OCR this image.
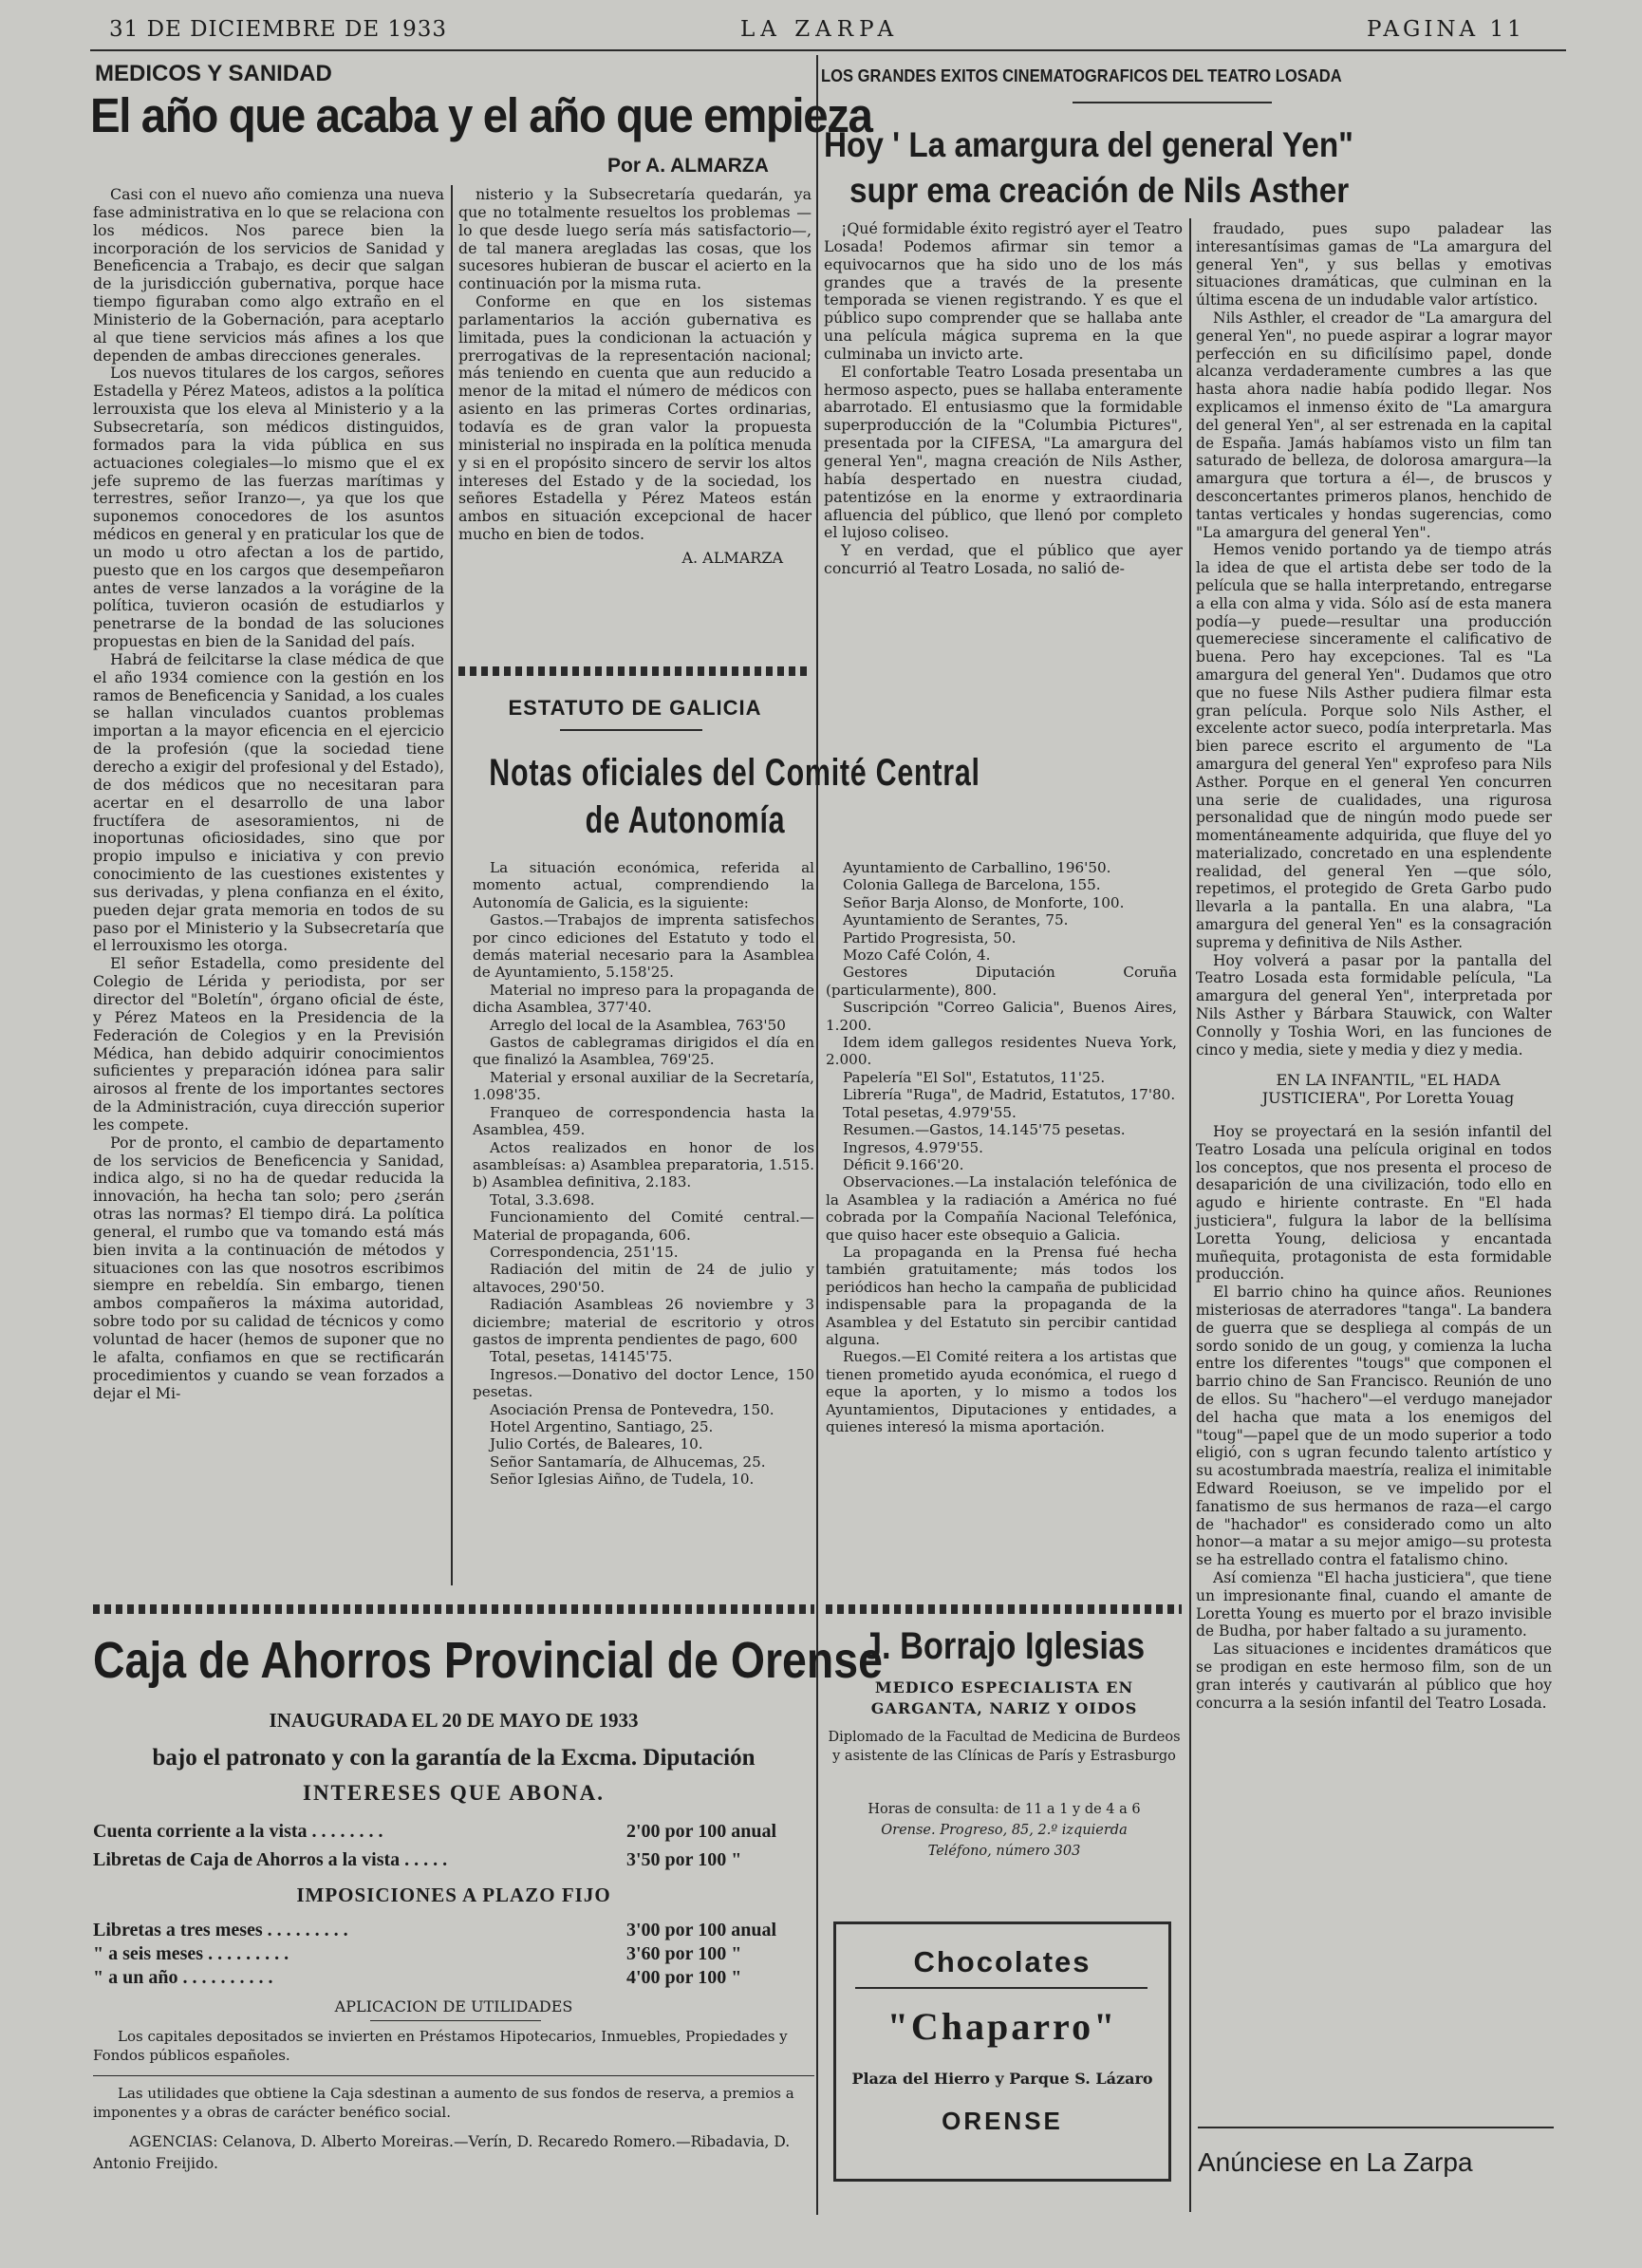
31 DE DICIEMBRE DE 1933	LA ZARPA	PAGINA 11
MEDICOS Y SANIDAD
El año que acaba y el año que empieza
Por A. ALMARZA

Casi con el nuevo año comienza una nueva fase administrativa en lo que se relaciona con los médicos. Nos parece bien la incorporación de los servicios de Sanidad y Beneficencia a Trabajo, es decir que salgan de la jurisdicción gubernativa, porque hace tiempo figuraban como algo extraño en el Ministerio de la Gobernación, para aceptarlo al que tiene servicios más afines a los que dependen de ambas direcciones generales.

Los nuevos titulares de los cargos, señores Estadella y Pérez Mateos, adistos a la política lerrouxista que los eleva al Ministerio y a la Subsecretaría, son médicos distinguidos, formados para la vida pública en sus actuaciones colegiales—lo mismo que el ex jefe supremo de las fuerzas marítimas y terrestres, señor Iranzo—, ya que los que suponemos conocedores de los asuntos médicos en general y en praticular los que de un modo u otro afectan a los de partido, puesto que en los cargos que desempeñaron antes de verse lanzados a la vorágine de la política, tuvieron ocasión de estudiarlos y penetrarse de la bondad de las soluciones propuestas en bien de la Sanidad del país.

Habrá de feilcitarse la clase médica de que el año 1934 comience con la gestión en los ramos de Beneficencia y Sanidad, a los cuales se hallan vinculados cuantos problemas importan a la mayor eficencia en el ejercicio de la profesión (que la sociedad tiene derecho a exigir del profesional y del Estado), de dos médicos que no necesitaran para acertar en el desarrollo de una labor fructífera de asesoramientos, ni de inoportunas oficiosidades, sino que por propio impulso e iniciativa y con previo conocimiento de las cuestiones existentes y sus derivadas, y plena confianza en el éxito, pueden dejar grata memoria en todos de su paso por el Ministerio y la Subsecretaría que el lerrouxismo les otorga.

El señor Estadella, como presidente del Colegio de Lérida y periodista, por ser director del "Boletín", órgano oficial de éste, y Pérez Mateos en la Presidencia de la Federación de Colegios y en la Previsión Médica, han debido adquirir conocimientos suficientes y preparación idónea para salir airosos al frente de los importantes sectores de la Administración, cuya dirección superior les compete.

Por de pronto, el cambio de departamento de los servicios de Beneficencia y Sanidad, indica algo, si no ha de quedar reducida la innovación, ha hecha tan solo; pero ¿serán otras las normas? El tiempo dirá. La política general, el rumbo que va tomando está más bien invita a la continuación de métodos y situaciones con las que nosotros escribimos siempre en rebeldía. Sin embargo, tienen ambos compañeros la máxima autoridad, sobre todo por su calidad de técnicos y como voluntad de hacer (hemos de suponer que no le afalta, confiamos en que se rectificarán procedimientos y cuando se vean forzados a dejar el Mi-

nisterio y la Subsecretaría quedarán, ya que no totalmente resueltos los problemas —lo que desde luego sería más satisfactorio—, de tal manera aregladas las cosas, que los sucesores hubieran de buscar el acierto en la continuación por la misma ruta.

Conforme en que en los sistemas parlamentarios la acción gubernativa es limitada, pues la condicionan la actuación y prerrogativas de la representación nacional; más teniendo en cuenta que aun reducido a menor de la mitad el número de médicos con asiento en las primeras Cortes ordinarias, todavía es de gran valor la propuesta ministerial no inspirada en la política menuda y si en el propósito sincero de servir los altos intereses del Estado y de la sociedad, los señores Estadella y Pérez Mateos están ambos en situación excepcional de hacer mucho en bien de todos.

A. ALMARZA
ESTATUTO DE GALICIA
Notas oficiales del Comité Central
de Autonomía

La situación económica, referida al momento actual, comprendiendo la Autonomía de Galicia, es la siguiente:

Gastos.—Trabajos de imprenta satisfechos por cinco ediciones del Estatuto y todo el demás material necesario para la Asamblea de Ayuntamiento, 5.158'25.

Material no impreso para la propaganda de dicha Asamblea, 377'40.

Arreglo del local de la Asamblea, 763'50

Gastos de cablegramas dirigidos el día en que finalizó la Asamblea, 769'25.

Material y ersonal auxiliar de la Secretaría, 1.098'35.

Franqueo de correspondencia hasta la Asamblea, 459.

Actos realizados en honor de los asambleísas: a) Asamblea preparatoria, 1.515. b) Asamblea definitiva, 2.183.

Total, 3.3.698.

Funcionamiento del Comité central.—Material de propaganda, 606.

Correspondencia, 251'15.

Radiación del mitin de 24 de julio y altavoces, 290'50.

Radiación Asambleas 26 noviembre y 3 diciembre; material de escritorio y otros gastos de imprenta pendientes de pago, 600

Total, pesetas, 14145'75.

Ingresos.—Donativo del doctor Lence, 150 pesetas.

Asociación Prensa de Pontevedra, 150.

Hotel Argentino, Santiago, 25.

Julio Cortés, de Baleares, 10.

Señor Santamaría, de Alhucemas, 25.

Señor Iglesias Aiñno, de Tudela, 10.

Ayuntamiento de Carballino, 196'50.

Colonia Gallega de Barcelona, 155.

Señor Barja Alonso, de Monforte, 100.

Ayuntamiento de Serantes, 75.

Partido Progresista, 50.

Mozo Café Colón, 4.

Gestores Diputación Coruña (particularmente), 800.

Suscripción "Correo Galicia", Buenos Aires, 1.200.

Idem idem gallegos residentes Nueva York, 2.000.

Papelería "El Sol", Estatutos, 11'25.

Librería "Ruga", de Madrid, Estatutos, 17'80.

Total pesetas, 4.979'55.

Resumen.—Gastos, 14.145'75 pesetas.

Ingresos, 4.979'55.

Déficit 9.166'20.

Observaciones.—La instalación telefónica de la Asamblea y la radiación a América no fué cobrada por la Compañía Nacional Telefónica, que quiso hacer este obsequio a Galicia.

La propaganda en la Prensa fué hecha también gratuitamente; más todos los periódicos han hecho la campaña de publicidad indispensable para la propaganda de la Asamblea y del Estatuto sin percibir cantidad alguna.

Ruegos.—El Comité reitera a los artistas que tienen prometido ayuda económica, el ruego d eque la aporten, y lo mismo a todos los Ayuntamientos, Diputaciones y entidades, a quienes interesó la misma aportación.

LOS GRANDES EXITOS CINEMATOGRAFICOS DEL TEATRO LOSADA
Hoy ' La amargura del general Yen"
supr ema creación de Nils Asther

¡Qué formidable éxito registró ayer el Teatro Losada! Podemos afirmar sin temor a equivocarnos que ha sido uno de los más grandes que a través de la presente temporada se vienen registrando. Y es que el público supo comprender que se hallaba ante una película mágica suprema en la que culminaba un invicto arte.

El confortable Teatro Losada presentaba un hermoso aspecto, pues se hallaba enteramente abarrotado. El entusiasmo que la formidable superproducción de la "Columbia Pictures", presentada por la CIFESA, "La amargura del general Yen", magna creación de Nils Asther, había despertado en nuestra ciudad, patentizóse en la enorme y extraordinaria afluencia del público, que llenó por completo el lujoso coliseo.

Y en verdad, que el público que ayer concurrió al Teatro Losada, no salió de-

fraudado, pues supo paladear las interesantísimas gamas de "La amargura del general Yen", y sus bellas y emotivas situaciones dramáticas, que culminan en la última escena de un indudable valor artístico.

Nils Asthler, el creador de "La amargura del general Yen", no puede aspirar a lograr mayor perfección en su dificilísimo papel, donde alcanza verdaderamente cumbres a las que hasta ahora nadie había podido llegar. Nos explicamos el inmenso éxito de "La amargura del general Yen", al ser estrenada en la capital de España. Jamás habíamos visto un film tan saturado de belleza, de dolorosa amargura—la amargura que tortura a él—, de bruscos y desconcertantes primeros planos, henchido de tantas verticales y hondas sugerencias, como "La amargura del general Yen".

Hemos venido portando ya de tiempo atrás la idea de que el artista debe ser todo de la película que se halla interpretando, entregarse a ella con alma y vida. Sólo así de esta manera podía—y puede—resultar una producción quemereciese sinceramente el calificativo de buena. Pero hay excepciones. Tal es "La amargura del general Yen". Dudamos que otro que no fuese Nils Asther pudiera filmar esta gran película. Porque solo Nils Asther, el excelente actor sueco, podía interpretarla. Mas bien parece escrito el argumento de "La amargura del general Yen" exprofeso para Nils Asther. Porque en el general Yen concurren una serie de cualidades, una rigurosa personalidad que de ningún modo puede ser momentáneamente adquirida, que fluye del yo materializado, concretado en una esplendente realidad, del general Yen —que sólo, repetimos, el protegido de Greta Garbo pudo llevarla a la pantalla. En una alabra, "La amargura del general Yen" es la consagración suprema y definitiva de Nils Asther.

Hoy volverá a pasar por la pantalla del Teatro Losada esta formidable película, "La amargura del general Yen", interpretada por Nils Asther y Bárbara Stauwick, con Walter Connolly y Toshia Wori, en las funciones de cinco y media, siete y media y diez y media.

EN LA INFANTIL, "EL HADA JUSTICIERA", Por Loretta Youag

Hoy se proyectará en la sesión infantil del Teatro Losada una película original en todos los conceptos, que nos presenta el proceso de desaparición de una civilización, todo ello en agudo e hiriente contraste. En "El hada justiciera", fulgura la labor de la bellísima Loretta Young, deliciosa y encantada muñequita, protagonista de esta formidable producción.

El barrio chino ha quince años. Reuniones misteriosas de aterradores "tanga". La bandera de guerra que se despliega al compás de un sordo sonido de un goug, y comienza la lucha entre los diferentes "tougs" que componen el barrio chino de San Francisco. Reunión de uno de ellos. Su "hachero"—el verdugo manejador del hacha que mata a los enemigos del "toug"—papel que de un modo superior a todo eligió, con s ugran fecundo talento artístico y su acostumbrada maestría, realiza el inimitable Edward Roeiuson, se ve impelido por el fanatismo de sus hermanos de raza—el cargo de "hachador" es considerado como un alto honor—a matar a su mejor amigo—su protesta se ha estrellado contra el fatalismo chino.

Así comienza "El hacha justiciera", que tiene un impresionante final, cuando el amante de Loretta Young es muerto por el brazo invisible de Budha, por haber faltado a su juramento.

Las situaciones e incidentes dramáticos que se prodigan en este hermoso film, son de un gran interés y cautivarán al público que hoy concurra a la sesión infantil del Teatro Losada.

Anúnciese en La Zarpa
Caja de Ahorros Provincial de Orense
INAUGURADA EL 20 DE MAYO DE 1933
bajo el patronato y con la garantía de la Excma. Diputación
INTERESES QUE ABONA.
Cuenta corriente a la vista . . . . . . . .	2'00 por 100 anual
Libretas de Caja de Ahorros a la vista . . . . .	3'50 por 100 "
IMPOSICIONES A PLAZO FIJO
Libretas a tres meses . . . . . . . . .	3'00 por 100 anual
" a seis meses . . . . . . . . .	3'60 por 100 "
" a un año . . . . . . . . . .	4'00 por 100 "
APLICACION DE UTILIDADES
Los capitales depositados se invierten en Préstamos Hipotecarios, Inmuebles, Propiedades y Fondos públicos españoles.
Las utilidades que obtiene la Caja sdestinan a aumento de sus fondos de reserva, a premios a imponentes y a obras de carácter benéfico social.
AGENCIAS: Celanova, D. Alberto Moreiras.—Verín, D. Recaredo Romero.—Ribadavia, D. Antonio Freijido.
J. Borrajo Iglesias
MEDICO ESPECIALISTA EN
GARGANTA, NARIZ Y OIDOS
Diplomado de la Facultad de Medicina de Burdeos y asistente de las Clínicas de París y Estrasburgo
Horas de consulta: de 11 a 1 y de 4 a 6
Orense. Progreso, 85, 2.º izquierda
Teléfono, número 303
Chocolates
"Chaparro"
Plaza del Hierro y Parque S. Lázaro
ORENSE
